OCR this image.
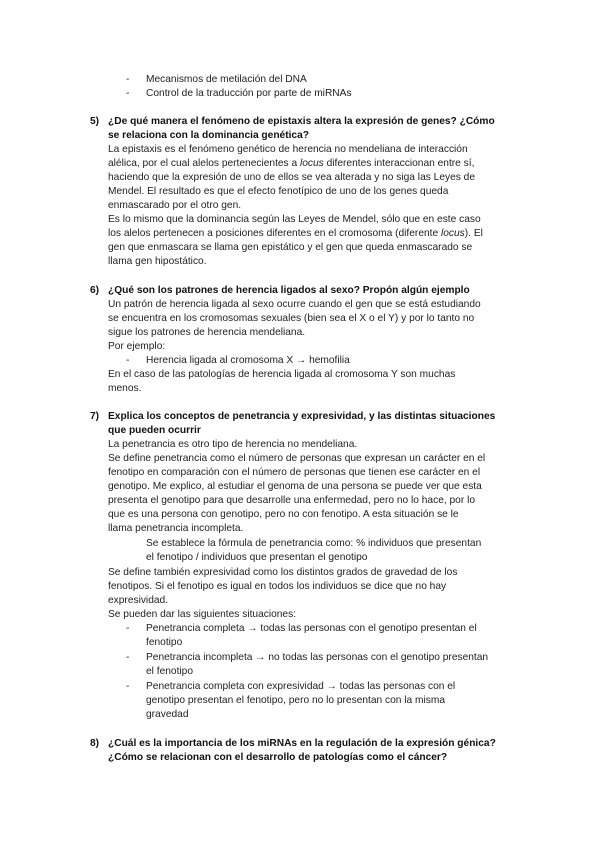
- Mecanismos de metilación del DNA
- Control de la traducción por parte de miRNAs
5) ¿De qué manera el fenómeno de epistaxis altera la expresión de genes? ¿Cómo
se relaciona con la dominancia genética?
La epistaxis es el fenómeno genético de herencia no mendeliana de interacción
alélica, por el cual alelos pertenecientes a locus diferentes interaccionan entre sí,
haciendo que la expresión de uno de ellos se vea alterada y no siga las Leyes de
Mendel. El resultado es que el efecto fenotípico de uno de los genes queda
enmascarado por el otro gen.
Es lo mismo que la dominancia según las Leyes de Mendel, sólo que en este caso
los alelos pertenecen a posiciones diferentes en el cromosoma (diferente locus). El
gen que enmascara se llama gen epistático y el gen que queda enmascarado se
llama gen hipostático.
6) ¿Qué son los patrones de herencia ligados al sexo? Propón algún ejemplo
Un patrón de herencia ligada al sexo ocurre cuando el gen que se está estudiando
se encuentra en los cromosomas sexuales (bien sea el X o el Y) y por lo tanto no
sigue los patrones de herencia mendeliana.
Por ejemplo:
- Herencia ligada al cromosoma X → hemofilia
En el caso de las patologías de herencia ligada al cromosoma Y son muchas
menos.
7) Explica los conceptos de penetrancia y expresividad, y las distintas situaciones
que pueden ocurrir
La penetrancia es otro tipo de herencia no mendeliana.
Se define penetrancia como el número de personas que expresan un carácter en el
fenotipo en comparación con el número de personas que tienen ese carácter en el
genotipo. Me explico, al estudiar el genoma de una persona se puede ver que esta
presenta el genotipo para que desarrolle una enfermedad, pero no lo hace, por lo
que es una persona con genotipo, pero no con fenotipo. A esta situación se le
llama penetrancia incompleta.
Se establece la fórmula de penetrancia como: % individuos que presentan
el fenotipo / individuos que presentan el genotipo
Se define también expresividad como los distintos grados de gravedad de los
fenotipos. Si el fenotipo es igual en todos los individuos se dice que no hay
expresividad.
Se pueden dar las siguientes situaciones:
- Penetrancia completa → todas las personas con el genotipo presentan el
fenotipo
- Penetrancia incompleta → no todas las personas con el genotipo presentan
el fenotipo
- Penetrancia completa con expresividad → todas las personas con el
genotipo presentan el fenotipo, pero no lo presentan con la misma
gravedad
8) ¿Cuál es la importancia de los miRNAs en la regulación de la expresión génica?
¿Cómo se relacionan con el desarrollo de patologías como el cáncer?
